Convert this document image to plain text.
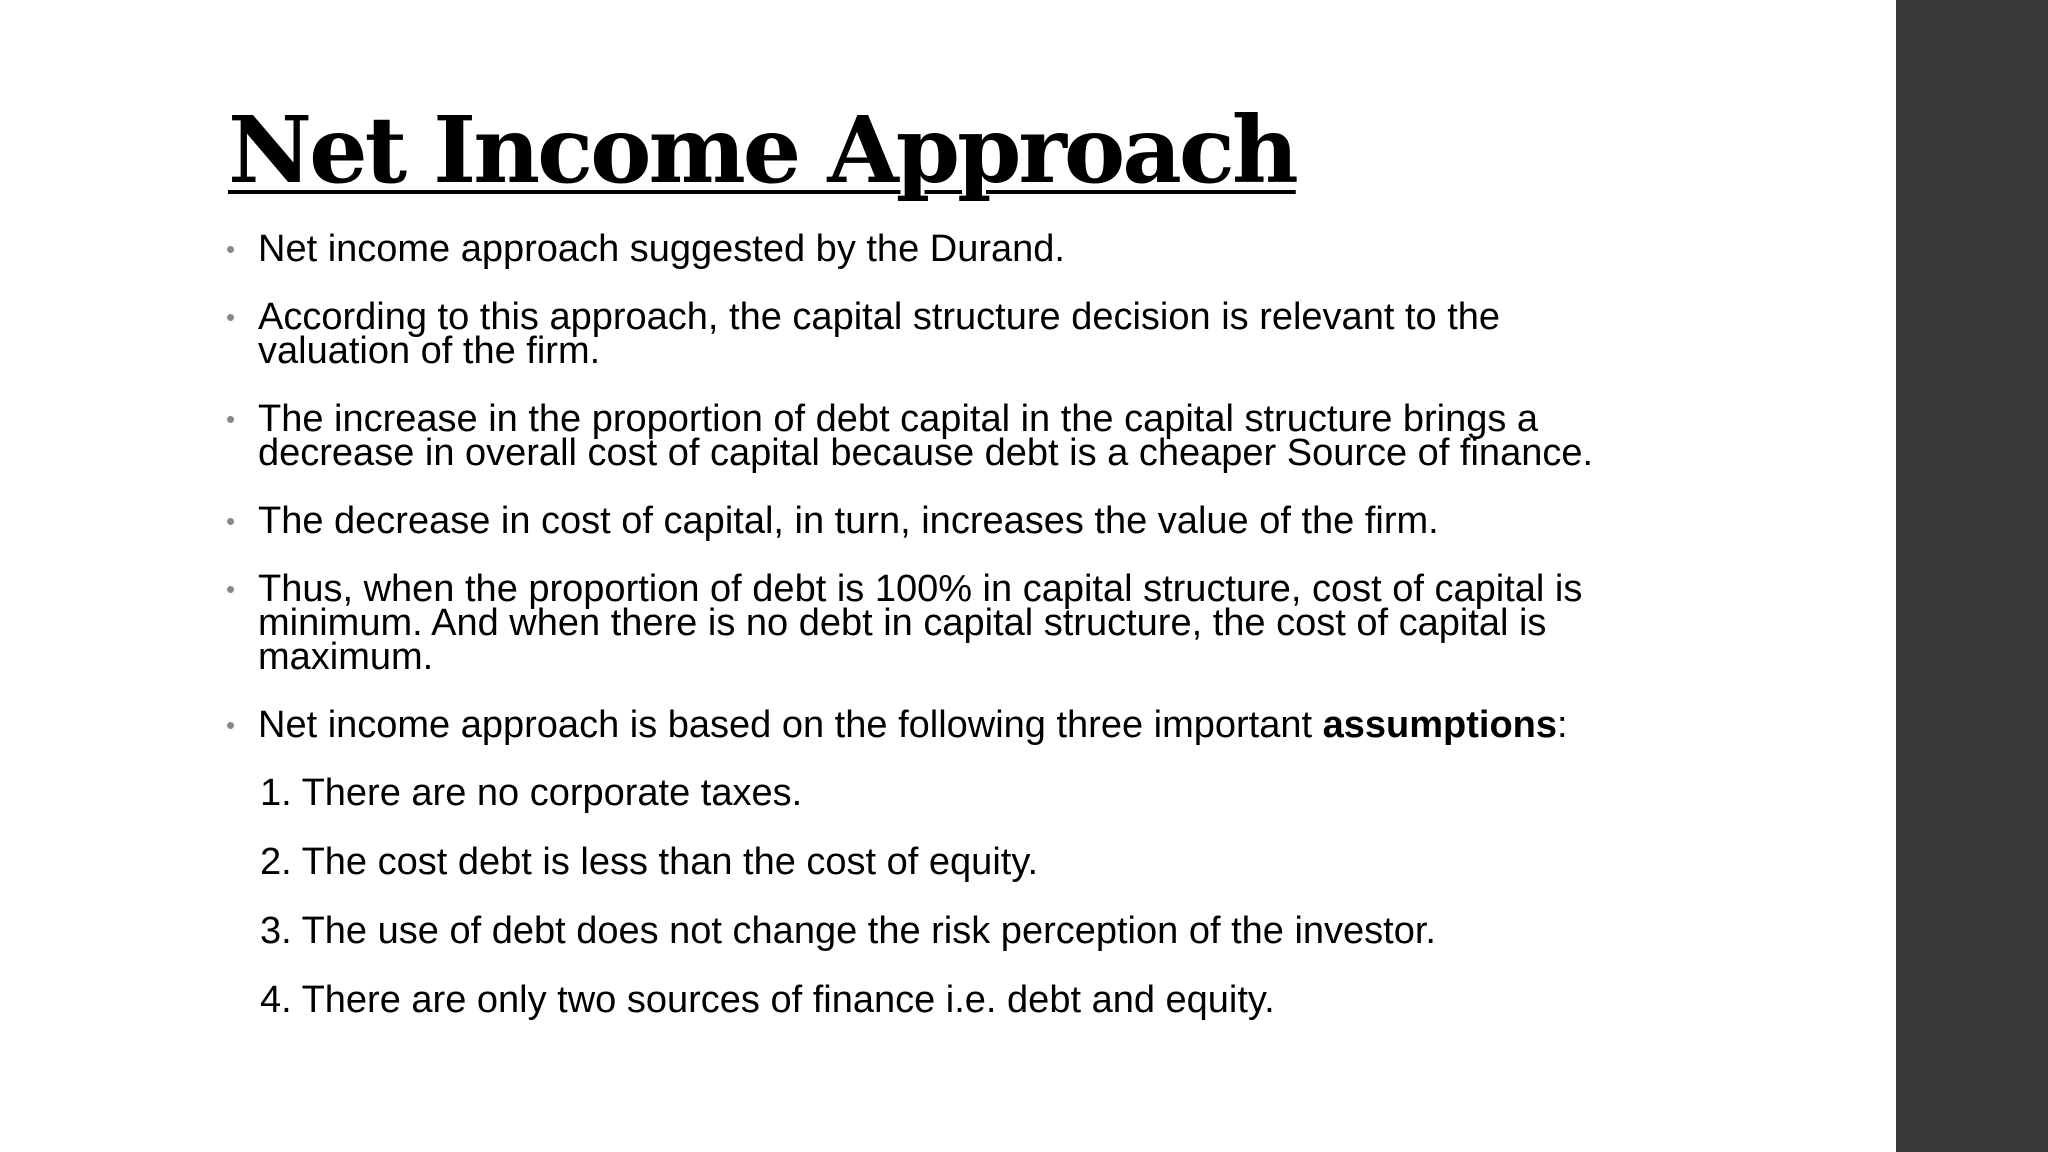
Net Income Approach
• Net income approach suggested by the Durand.
• According to this approach, the capital structure decision is relevant to the valuation of the firm.
• The increase in the proportion of debt capital in the capital structure brings a decrease in overall cost of capital because debt is a cheaper Source of finance.
• The decrease in cost of capital, in turn, increases the value of the firm.
• Thus, when the proportion of debt is 100% in capital structure, cost of capital is minimum. And when there is no debt in capital structure, the cost of capital is maximum.
• Net income approach is based on the following three important assumptions:
1. There are no corporate taxes.
2. The cost debt is less than the cost of equity.
3. The use of debt does not change the risk perception of the investor.
4. There are only two sources of finance i.e. debt and equity.
